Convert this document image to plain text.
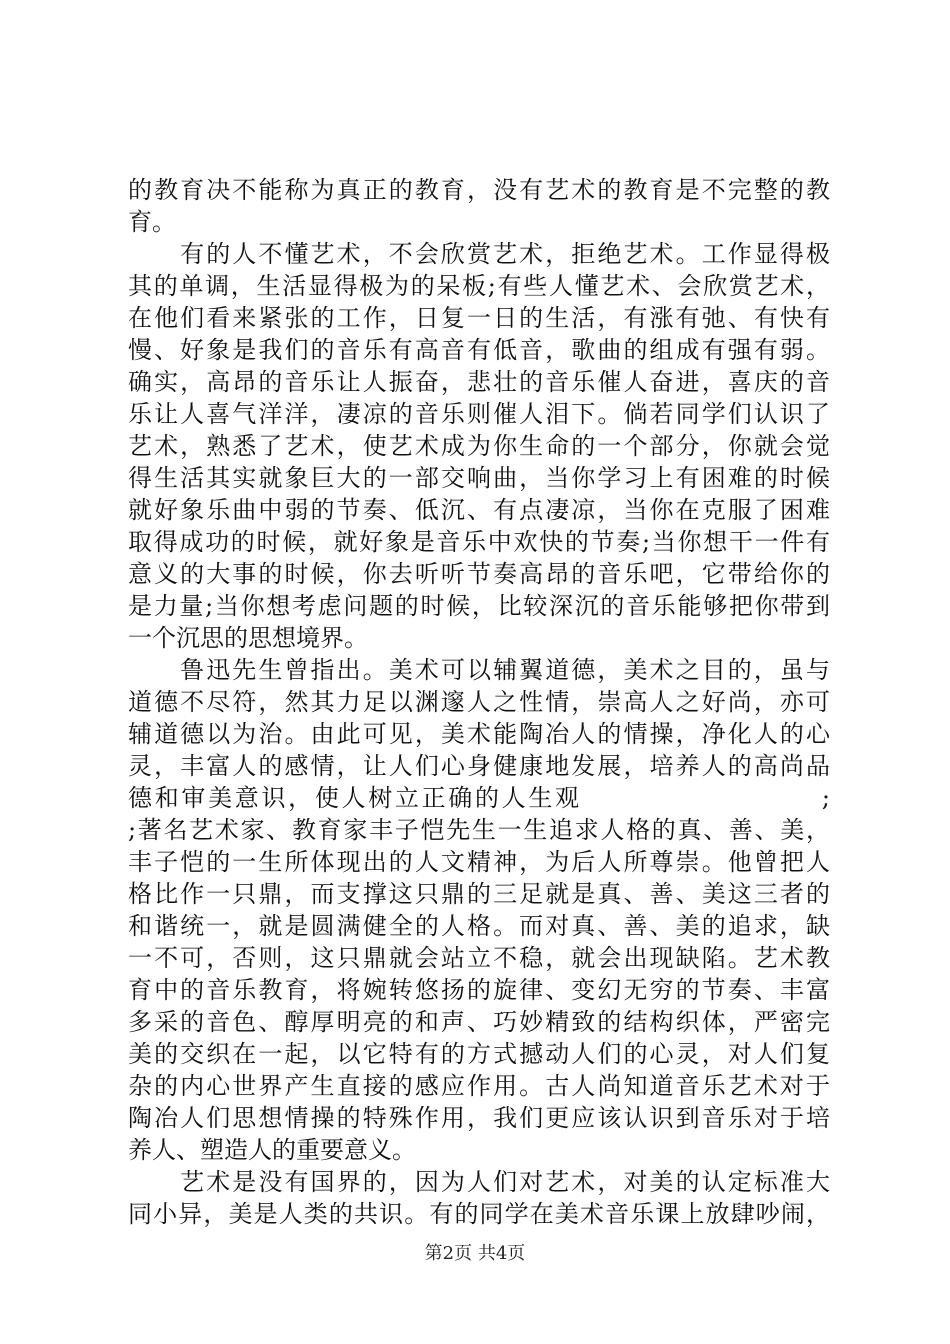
的教育决不能称为真正的教育，没有艺术的教育是不完整的教
育。
　　有的人不懂艺术，不会欣赏艺术，拒绝艺术。工作显得极
其的单调，生活显得极为的呆板;有些人懂艺术、会欣赏艺术，
在他们看来紧张的工作，日复一日的生活，有涨有弛、有快有
慢、好象是我们的音乐有高音有低音，歌曲的组成有强有弱。
确实，高昂的音乐让人振奋，悲壮的音乐催人奋进，喜庆的音
乐让人喜气洋洋，凄凉的音乐则催人泪下。倘若同学们认识了
艺术，熟悉了艺术，使艺术成为你生命的一个部分，你就会觉
得生活其实就象巨大的一部交响曲，当你学习上有困难的时候
就好象乐曲中弱的节奏、低沉、有点凄凉，当你在克服了困难
取得成功的时候，就好象是音乐中欢快的节奏;当你想干一件有
意义的大事的时候，你去听听节奏高昂的音乐吧，它带给你的
是力量;当你想考虑问题的时候，比较深沉的音乐能够把你带到
一个沉思的思想境界。
　　鲁迅先生曾指出。美术可以辅翼道德，美术之目的，虽与
道德不尽符，然其力足以渊邃人之性情，崇高人之好尚，亦可
辅道德以为治。由此可见，美术能陶冶人的情操，净化人的心
灵，丰富人的感情，让人们心身健康地发展，培养人的高尚品
德和审美意识，使人树立正确的人生观　　　　　　　　　;
;著名艺术家、教育家丰子恺先生一生追求人格的真、善、美，
丰子恺的一生所体现出的人文精神，为后人所尊崇。他曾把人
格比作一只鼎，而支撑这只鼎的三足就是真、善、美这三者的
和谐统一，就是圆满健全的人格。而对真、善、美的追求，缺
一不可，否则，这只鼎就会站立不稳，就会出现缺陷。艺术教
育中的音乐教育，将婉转悠扬的旋律、变幻无穷的节奏、丰富
多采的音色、醇厚明亮的和声、巧妙精致的结构织体，严密完
美的交织在一起，以它特有的方式撼动人们的心灵，对人们复
杂的内心世界产生直接的感应作用。古人尚知道音乐艺术对于
陶冶人们思想情操的特殊作用，我们更应该认识到音乐对于培
养人、塑造人的重要意义。
　　艺术是没有国界的，因为人们对艺术，对美的认定标准大
同小异，美是人类的共识。有的同学在美术音乐课上放肆吵闹，
第2页 共4页
